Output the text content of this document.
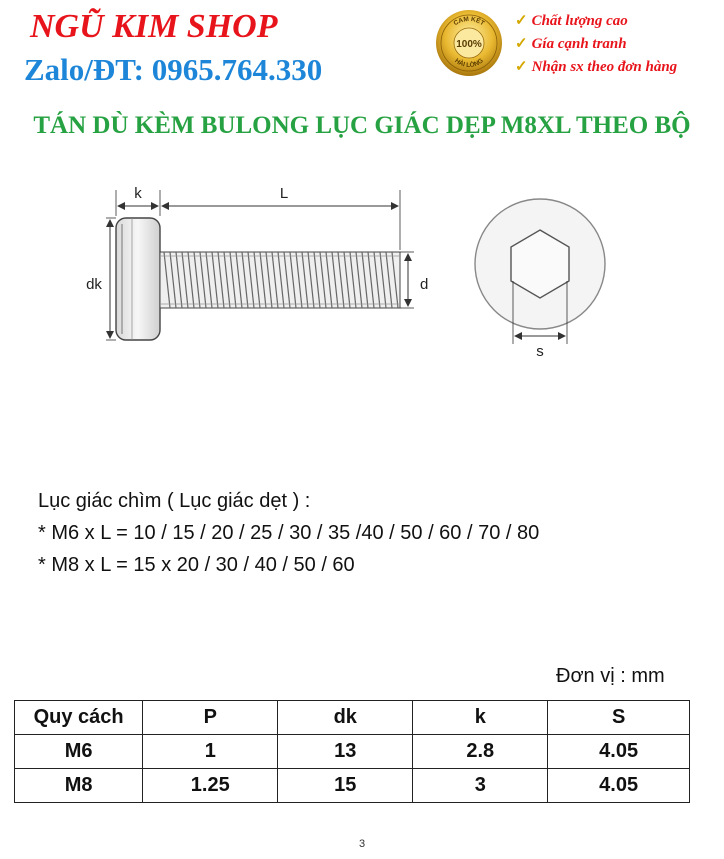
NGŨ KIM SHOP
Zalo/ĐT: 0965.764.330
CAM KẾT
100%
HÀI LÒNG
✓ Chất lượng cao
✓ Gía cạnh tranh
✓ Nhận sx theo đơn hàng
TÁN DÙ KÈM BULONG LỤC GIÁC DẸP M8XL THEO BỘ
k	L
dk	d
s
Lục giác chìm ( Lục giác dẹt ) :
* M6 x L = 10 / 15 / 20 / 25 / 30 / 35 /40 / 50 / 60 / 70 / 80
* M8 x L = 15 x 20 / 30 / 40 / 50 / 60
Đơn vị : mm
Quy cách	P	dk	k	S
M6	1	13	2.8	4.05
M8	1.25	15	3	4.05
3
